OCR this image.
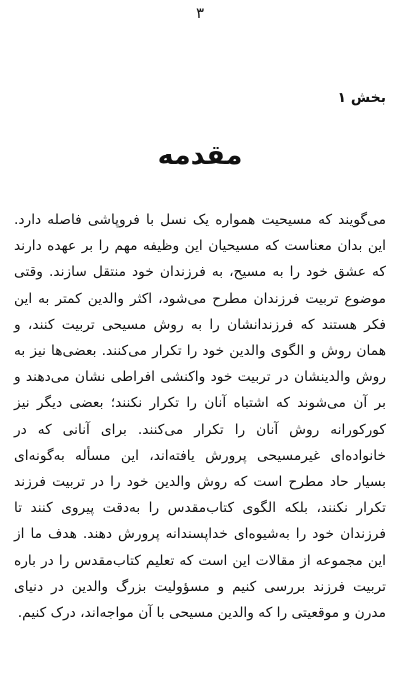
٣
بخش ١
مقدمه

می‌گویند که مسیحیت همواره یک نسل با فروپاشی فاصله دارد. این بدان معناست که مسیحیان این وظیفه مهم را بر عهده دارند که عشق خود را به مسیح، به فرزندان خود منتقل سازند. وقتی موضوع تربیت فرزندان مطرح می‌شود، اکثر والدین کمتر به این فکر هستند که فرزندانشان را به روش مسیحی تربیت کنند، و همان روش و الگوی والدین خود را تکرار می‌کنند. بعضی‌ها نیز به روش والدینشان در تربیت خود واکنشی افراطی نشان می‌دهند و بر آن می‌شوند که اشتباه آنان را تکرار نکنند؛ بعضی دیگر نیز کورکورانه روش آنان را تکرار می‌کنند. برای آنانی که در خانواده‌ای غیرمسیحی پرورش یافته‌اند، این مسأله به‌گونه‌ای بسیار حاد مطرح است که روش والدین خود را در تربیت فرزند تکرار نکنند، بلکه الگوی کتاب‌مقدس را به‌دقت پیروی کنند تا فرزندان خود را به‌شیوه‌ای خداپسندانه پرورش دهند. هدف ما از این مجموعه از مقالات این است که تعلیم کتاب‌مقدس را در باره تربیت فرزند بررسی کنیم و مسؤولیت بزرگ والدین در دنیای مدرن و موقعیتی را که والدین مسیحی با آن مواجه‌اند، درک کنیم.
